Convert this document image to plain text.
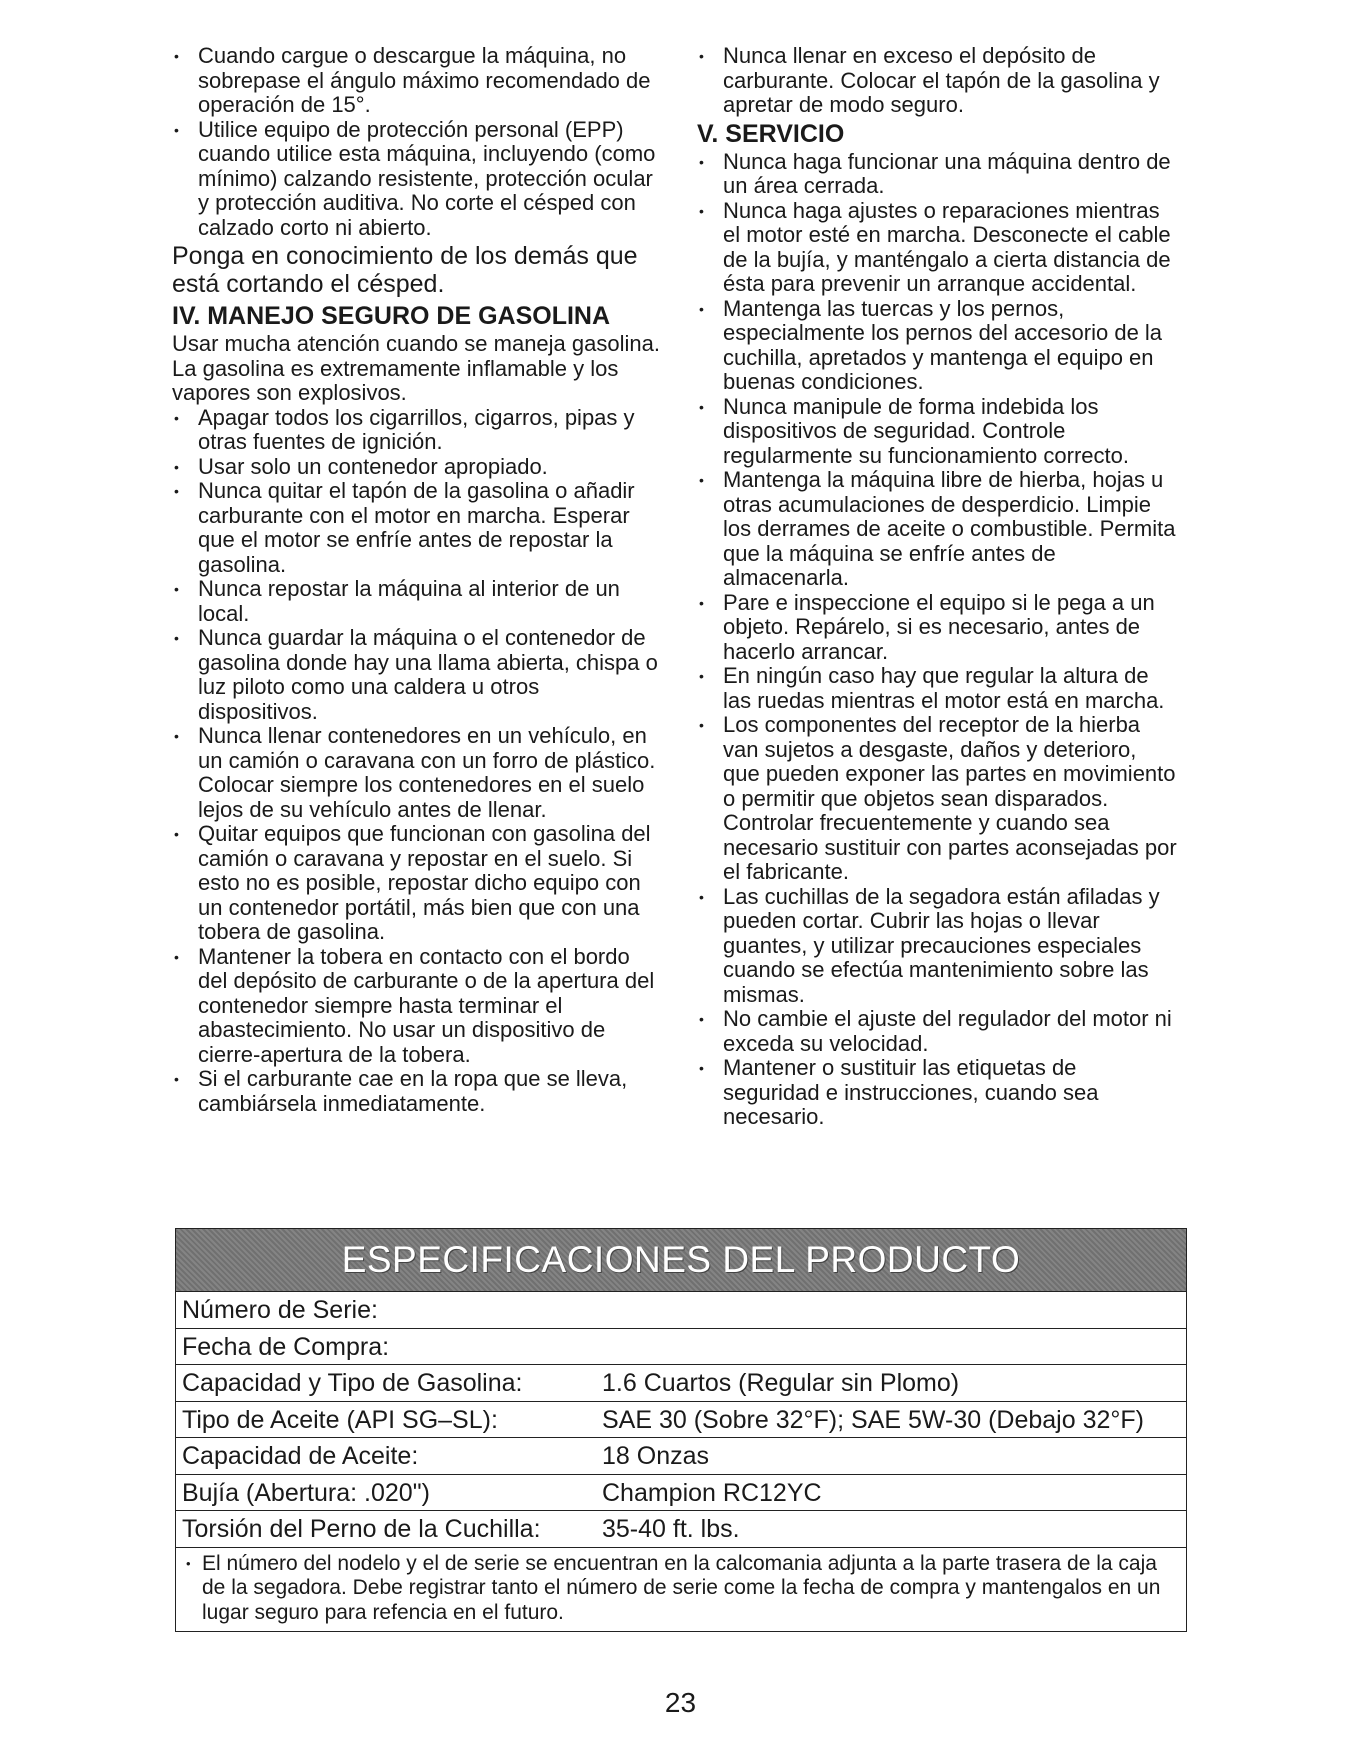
• Cuando cargue o descargue la máquina, no sobrepase el ángulo máximo recomendado de operación de 15°.
• Utilice equipo de protección personal (EPP) cuando utilice esta máquina, incluyendo (como mínimo) calzando resistente, protección ocular y protección auditiva. No corte el césped con calzado corto ni abierto.

Ponga en conocimiento de los demás que está cortando el césped.

IV. MANEJO SEGURO DE GASOLINA

Usar mucha atención cuando se maneja gasolina. La gasolina es extremamente inflamable y los vapores son explosivos.

• Apagar todos los cigarrillos, cigarros, pipas y otras fuentes de ignición.
• Usar solo un contenedor apropiado.
• Nunca quitar el tapón de la gasolina o añadir carburante con el motor en marcha. Esperar que el motor se enfríe antes de repostar la gasolina.
• Nunca repostar la máquina al interior de un local.
• Nunca guardar la máquina o el contenedor de gasolina donde hay una llama abierta, chispa o luz piloto como una caldera u otros dispositivos.
• Nunca llenar contenedores en un vehículo, en un camión o caravana con un forro de plástico. Colocar siempre los contenedores en el suelo lejos de su vehículo antes de llenar.
• Quitar equipos que funcionan con gasolina del camión o caravana y repostar en el suelo. Si esto no es posible, repostar dicho equipo con un contenedor portátil, más bien que con una tobera de gasolina.
• Mantener la tobera en contacto con el bordo del depósito de carburante o de la apertura del contenedor siempre hasta terminar el abastecimiento. No usar un dispositivo de cierre-apertura de la tobera.
• Si el carburante cae en la ropa que se lleva, cambiársela inmediatamente.
• Nunca llenar en exceso el depósito de carburante. Colocar el tapón de la gasolina y apretar de modo seguro.
V. SERVICIO
• Nunca haga funcionar una máquina dentro de un área cerrada.
• Nunca haga ajustes o reparaciones mientras el motor esté en marcha. Desconecte el cable de la bujía, y manténgalo a cierta distancia de ésta para prevenir un arranque accidental.
• Mantenga las tuercas y los pernos, especialmente los pernos del accesorio de la cuchilla, apretados y mantenga el equipo en buenas condiciones.
• Nunca manipule de forma indebida los dispositivos de seguridad. Controle regularmente su funcionamiento correcto.
• Mantenga la máquina libre de hierba, hojas u otras acumulaciones de desperdicio. Limpie los derrames de aceite o combustible. Permita que la máquina se enfríe antes de almacenarla.
• Pare e inspeccione el equipo si le pega a un objeto. Repárelo, si es necesario, antes de hacerlo arrancar.
• En ningún caso hay que regular la altura de las ruedas mientras el motor está en marcha.
• Los componentes del receptor de la hierba van sujetos a desgaste, daños y deterioro, que pueden exponer las partes en movimiento o permitir que objetos sean disparados. Controlar frecuentemente y cuando sea necesario sustituir con partes aconsejadas por el fabricante.
• Las cuchillas de la segadora están afiladas y pueden cortar. Cubrir las hojas o llevar guantes, y utilizar precauciones especiales cuando se efectúa mantenimiento sobre las mismas.
• No cambie el ajuste del regulador del motor ni exceda su velocidad.
• Mantener o sustituir las etiquetas de seguridad e instrucciones, cuando sea necesario.
ESPECIFICACIONES DEL PRODUCTO
Número de Serie:
Fecha de Compra:
Capacidad y Tipo de Gasolina:	1.6 Cuartos (Regular sin Plomo)
Tipo de Aceite (API SG–SL):	SAE 30 (Sobre 32°F); SAE 5W-30 (Debajo 32°F)
Capacidad de Aceite:	18 Onzas
Bujía (Abertura: .020")	Champion RC12YC
Torsión del Perno de la Cuchilla:	35-40 ft. lbs.
• El número del nodelo y el de serie se encuentran en la calcomania adjunta a la parte trasera de la caja de la segadora. Debe registrar tanto el número de serie come la fecha de compra y mantengalos en un lugar seguro para refencia en el futuro.
23
